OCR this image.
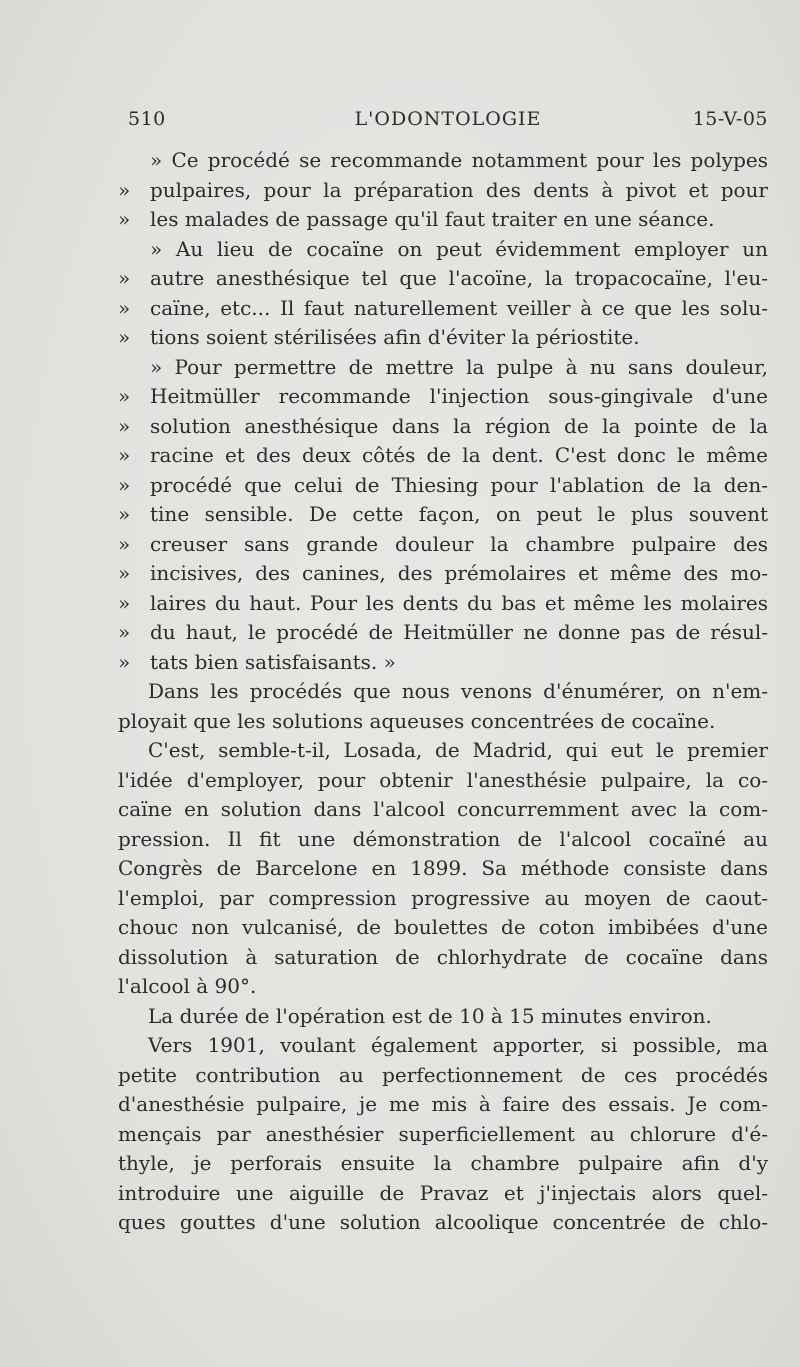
510	L'ODONTOLOGIE	15-V-05
» Ce procédé se recommande notamment pour les polypes
» pulpaires, pour la préparation des dents à pivot et pour
» les malades de passage qu'il faut traiter en une séance.
» Au lieu de cocaïne on peut évidemment employer un
» autre anesthésique tel que l'acoïne, la tropacocaïne, l'eu-
» caïne, etc... Il faut naturellement veiller à ce que les solu-
» tions soient stérilisées afin d'éviter la périostite.
» Pour permettre de mettre la pulpe à nu sans douleur,
» Heitmüller recommande l'injection sous-gingivale d'une
» solution anesthésique dans la région de la pointe de la
» racine et des deux côtés de la dent. C'est donc le même
» procédé que celui de Thiesing pour l'ablation de la den-
» tine sensible. De cette façon, on peut le plus souvent
» creuser sans grande douleur la chambre pulpaire des
» incisives, des canines, des prémolaires et même des mo-
» laires du haut. Pour les dents du bas et même les molaires
» du haut, le procédé de Heitmüller ne donne pas de résul-
» tats bien satisfaisants. »
Dans les procédés que nous venons d'énumérer, on n'em-
ployait que les solutions aqueuses concentrées de cocaïne.
C'est, semble-t-il, Losada, de Madrid, qui eut le premier
l'idée d'employer, pour obtenir l'anesthésie pulpaire, la co-
caïne en solution dans l'alcool concurremment avec la com-
pression. Il fit une démonstration de l'alcool cocaïné au
Congrès de Barcelone en 1899. Sa méthode consiste dans
l'emploi, par compression progressive au moyen de caout-
chouc non vulcanisé, de boulettes de coton imbibées d'une
dissolution à saturation de chlorhydrate de cocaïne dans
l'alcool à 90°.
La durée de l'opération est de 10 à 15 minutes environ.
Vers 1901, voulant également apporter, si possible, ma
petite contribution au perfectionnement de ces procédés
d'anesthésie pulpaire, je me mis à faire des essais. Je com-
mençais par anesthésier superficiellement au chlorure d'é-
thyle, je perforais ensuite la chambre pulpaire afin d'y
introduire une aiguille de Pravaz et j'injectais alors quel-
ques gouttes d'une solution alcoolique concentrée de chlo-
